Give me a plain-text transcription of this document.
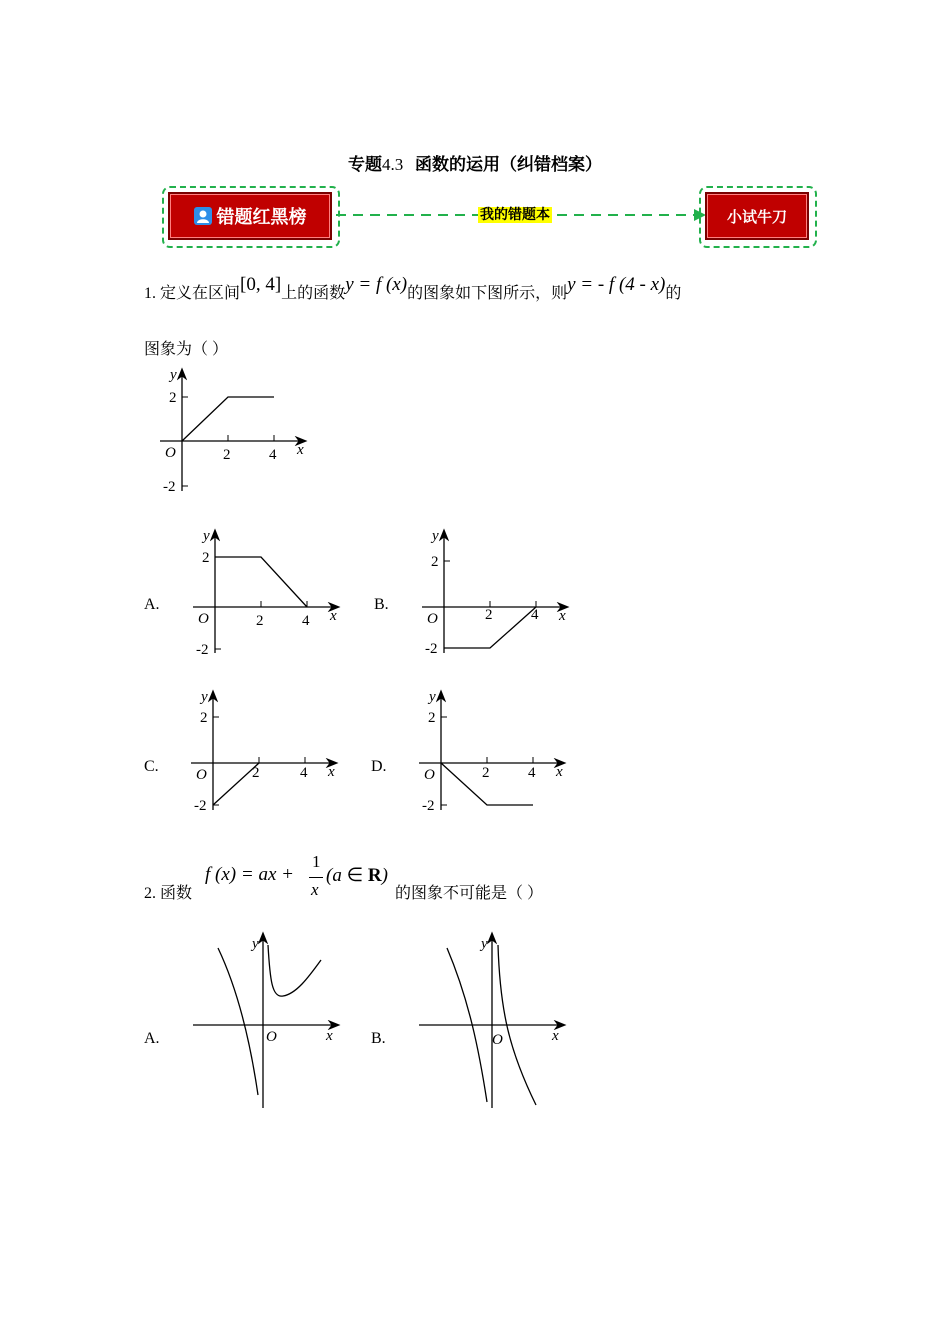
专题4.3 函数的运用（纠错档案）
错题红黑榜	我的错题本	小试牛刀
1. 定义在区间[0, 4]上的函数y = f (x)的图象如下图所示，则y = - f (4 - x)的
图象为（ ）
y
2
-2
O	2	4 x
A.
y
2
-2
O	2	4 x
B.
y
2
-2
O	2	4 x
C.
y
2
-2
O	2	4 x D.
y
2
-2
O	2	4 x
2. 函数
f (x) = ax +
1
x
(a ∈ R)
的图象不可能是（ ）
A.
y
O	x B.
y
O	x
